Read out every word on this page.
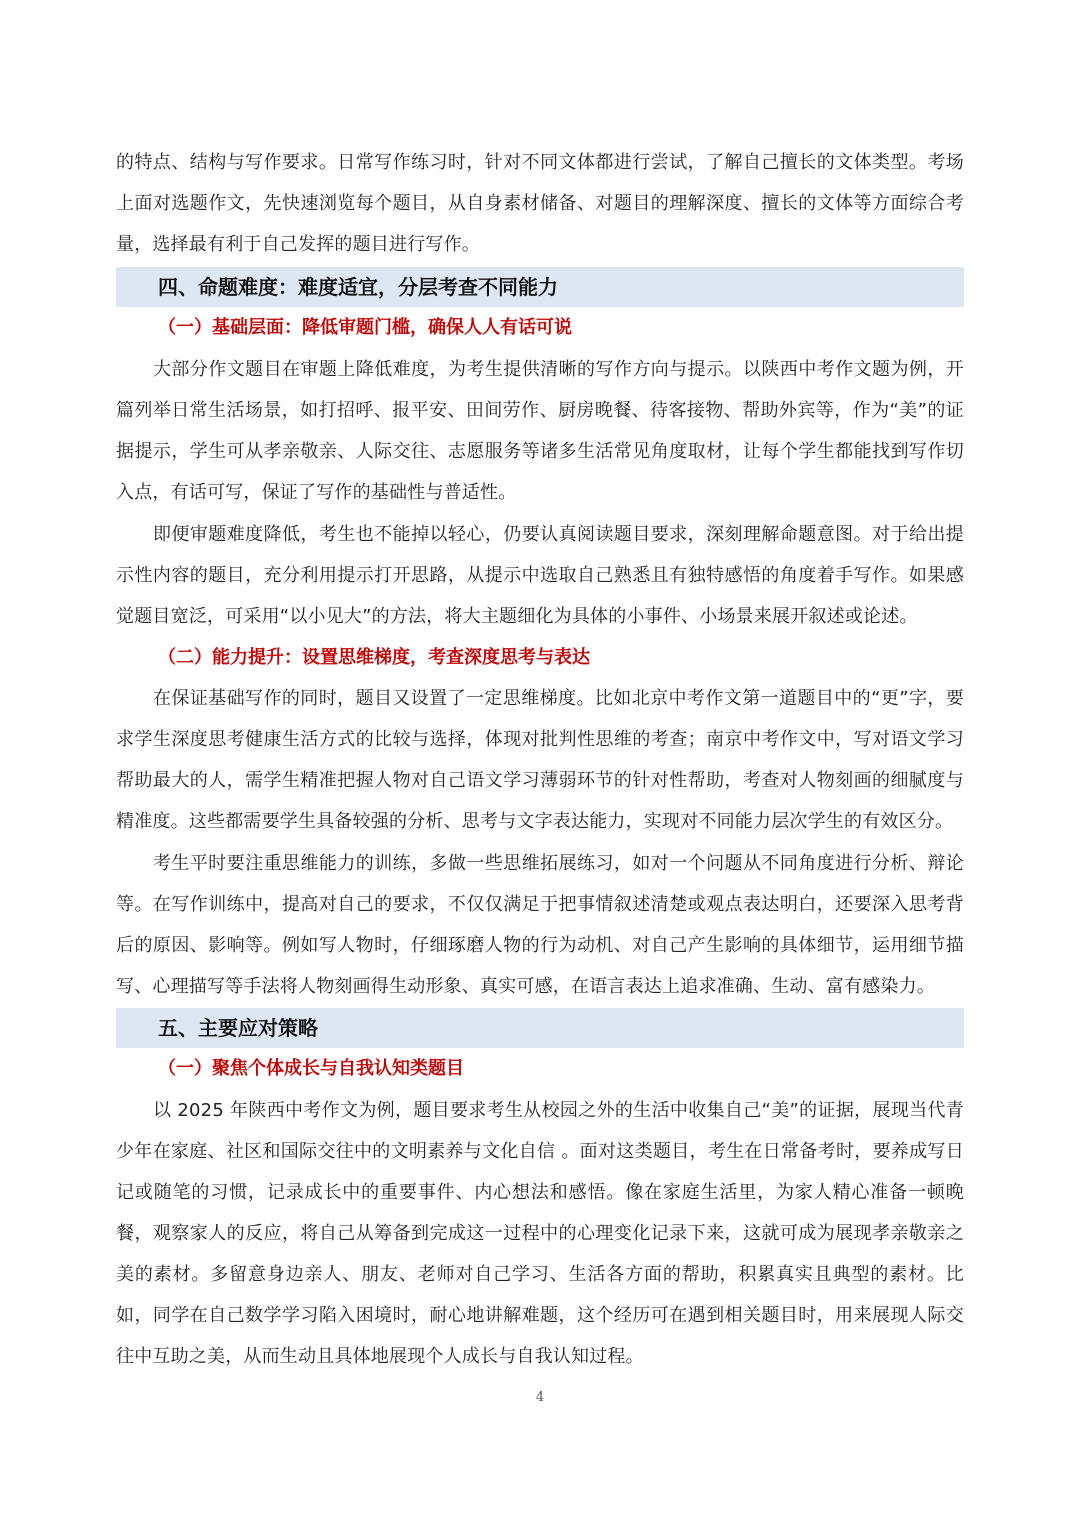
的特点、结构与写作要求。日常写作练习时，针对不同文体都进行尝试，了解自己擅长的文体类型。考场上面对选题作文，先快速浏览每个题目，从自身素材储备、对题目的理解深度、擅长的文体等方面综合考量，选择最有利于自己发挥的题目进行写作。

四、命题难度：难度适宜，分层考查不同能力
（一）基础层面：降低审题门槛，确保人人有话可说

大部分作文题目在审题上降低难度，为考生提供清晰的写作方向与提示。以陕西中考作文题为例，开篇列举日常生活场景，如打招呼、报平安、田间劳作、厨房晚餐、待客接物、帮助外宾等，作为“美”的证据提示，学生可从孝亲敬亲、人际交往、志愿服务等诸多生活常见角度取材，让每个学生都能找到写作切入点，有话可写，保证了写作的基础性与普适性。

即便审题难度降低，考生也不能掉以轻心，仍要认真阅读题目要求，深刻理解命题意图。对于给出提示性内容的题目，充分利用提示打开思路，从提示中选取自己熟悉且有独特感悟的角度着手写作。如果感觉题目宽泛，可采用“以小见大”的方法，将大主题细化为具体的小事件、小场景来展开叙述或论述。

（二）能力提升：设置思维梯度，考查深度思考与表达

在保证基础写作的同时，题目又设置了一定思维梯度。比如北京中考作文第一道题目中的“更”字，要求学生深度思考健康生活方式的比较与选择，体现对批判性思维的考查；南京中考作文中，写对语文学习帮助最大的人，需学生精准把握人物对自己语文学习薄弱环节的针对性帮助，考查对人物刻画的细腻度与精准度。这些都需要学生具备较强的分析、思考与文字表达能力，实现对不同能力层次学生的有效区分。

考生平时要注重思维能力的训练，多做一些思维拓展练习，如对一个问题从不同角度进行分析、辩论等。在写作训练中，提高对自己的要求，不仅仅满足于把事情叙述清楚或观点表达明白，还要深入思考背后的原因、影响等。例如写人物时，仔细琢磨人物的行为动机、对自己产生影响的具体细节，运用细节描写、心理描写等手法将人物刻画得生动形象、真实可感，在语言表达上追求准确、生动、富有感染力。

五、主要应对策略
（一）聚焦个体成长与自我认知类题目

以 2025 年陕西中考作文为例，题目要求考生从校园之外的生活中收集自己“美”的证据，展现当代青少年在家庭、社区和国际交往中的文明素养与文化自信 。面对这类题目，考生在日常备考时，要养成写日记或随笔的习惯，记录成长中的重要事件、内心想法和感悟。像在家庭生活里，为家人精心准备一顿晚餐，观察家人的反应，将自己从筹备到完成这一过程中的心理变化记录下来，这就可成为展现孝亲敬亲之美的素材。多留意身边亲人、朋友、老师对自己学习、生活各方面的帮助，积累真实且典型的素材。比如，同学在自己数学学习陷入困境时，耐心地讲解难题，这个经历可在遇到相关题目时，用来展现人际交往中互助之美，从而生动且具体地展现个人成长与自我认知过程。

4
